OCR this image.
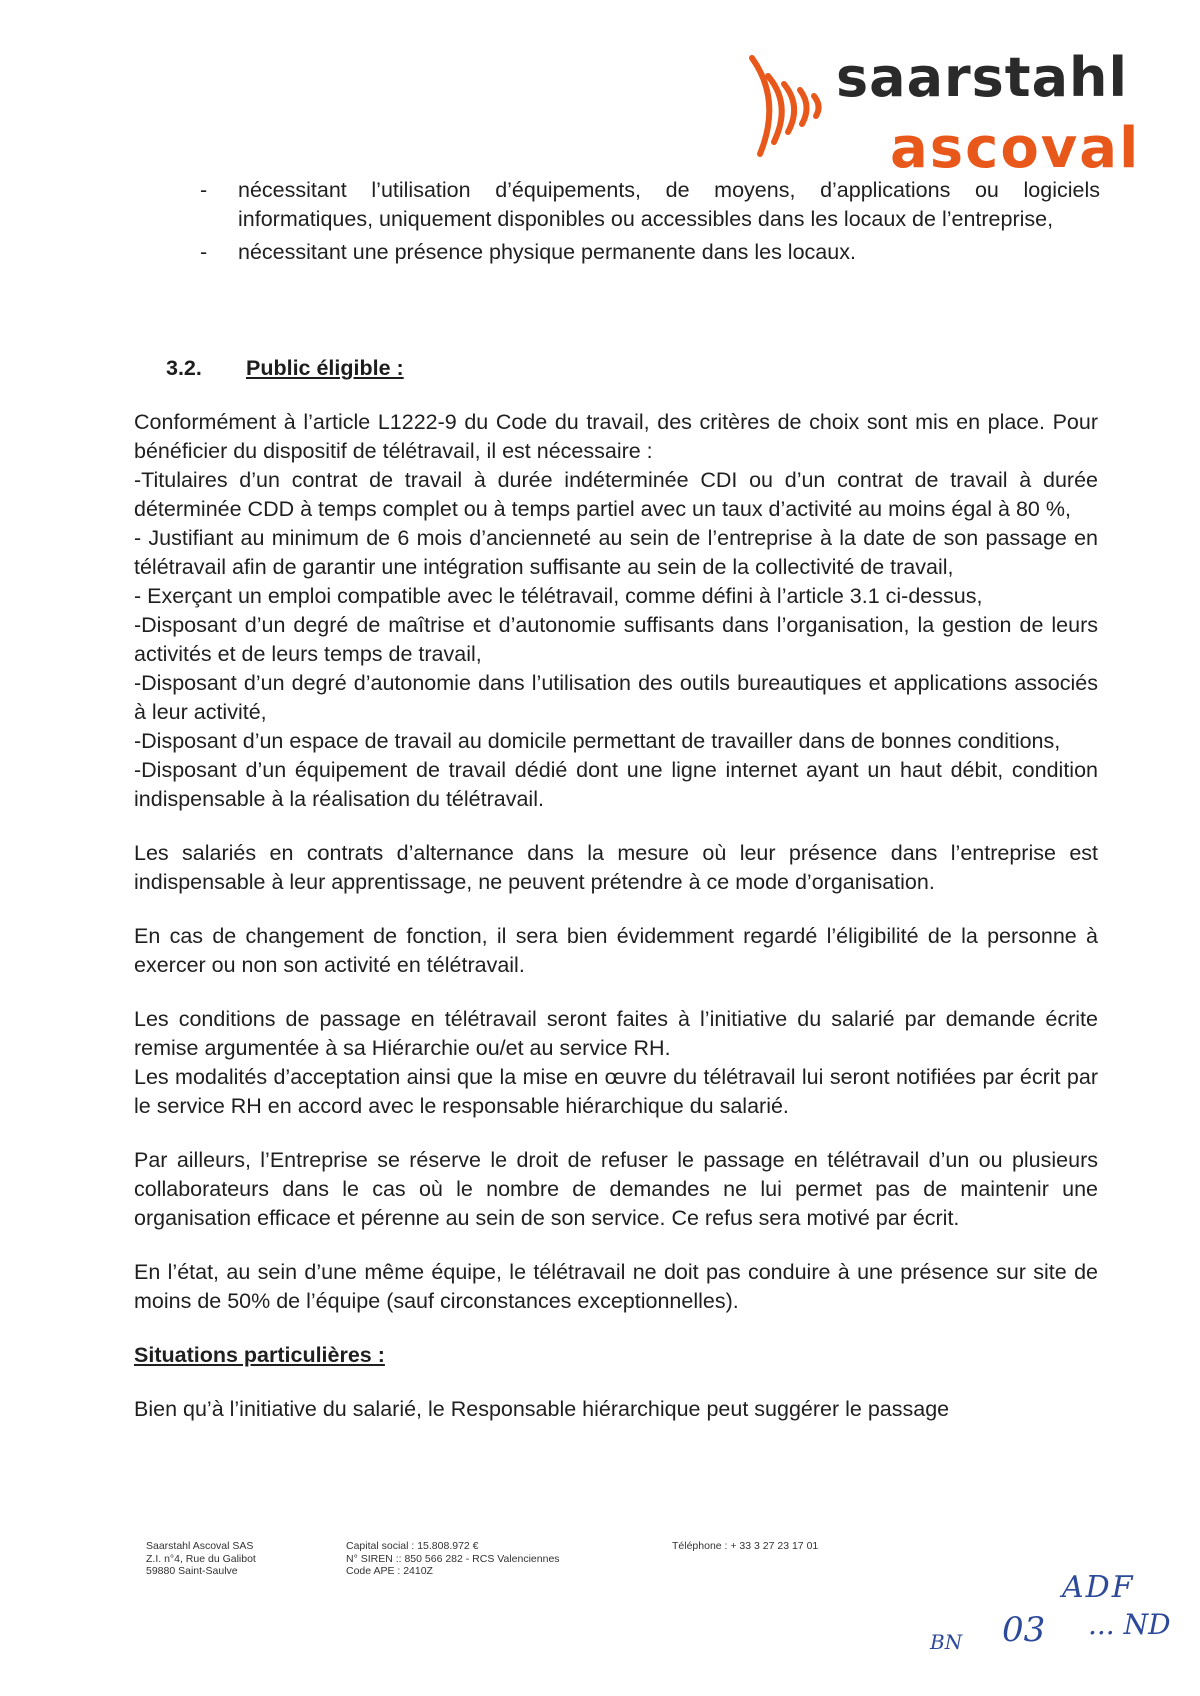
saarstahl
ascoval
- nécessitant l’utilisation d’équipements, de moyens, d’applications ou logiciels informatiques, uniquement disponibles ou accessibles dans les locaux de l’entreprise,
- nécessitant une présence physique permanente dans les locaux.
3.2. Public éligible :

Conformément à l’article L1222-9 du Code du travail, des critères de choix sont mis en place. Pour bénéficier du dispositif de télétravail, il est nécessaire :

-Titulaires d’un contrat de travail à durée indéterminée CDI ou d’un contrat de travail à durée déterminée CDD à temps complet ou à temps partiel avec un taux d’activité au moins égal à 80 %,
- Justifiant au minimum de 6 mois d’ancienneté au sein de l’entreprise à la date de son passage en télétravail afin de garantir une intégration suffisante au sein de la collectivité de travail,
- Exerçant un emploi compatible avec le télétravail, comme défini à l’article 3.1 ci-dessus,
-Disposant d’un degré de maîtrise et d’autonomie suffisants dans l’organisation, la gestion de leurs activités et de leurs temps de travail,
-Disposant d’un degré d’autonomie dans l’utilisation des outils bureautiques et applications associés à leur activité,
-Disposant d’un espace de travail au domicile permettant de travailler dans de bonnes conditions,
-Disposant d’un équipement de travail dédié dont une ligne internet ayant un haut débit, condition indispensable à la réalisation du télétravail.

Les salariés en contrats d’alternance dans la mesure où leur présence dans l’entreprise est indispensable à leur apprentissage, ne peuvent prétendre à ce mode d’organisation.

En cas de changement de fonction, il sera bien évidemment regardé l’éligibilité de la personne à exercer ou non son activité en télétravail.

Les conditions de passage en télétravail seront faites à l’initiative du salarié par demande écrite remise argumentée à sa Hiérarchie ou/et au service RH.

Les modalités d’acceptation ainsi que la mise en œuvre du télétravail lui seront notifiées par écrit par le service RH en accord avec le responsable hiérarchique du salarié.

Par ailleurs, l’Entreprise se réserve le droit de refuser le passage en télétravail d’un ou plusieurs collaborateurs dans le cas où le nombre de demandes ne lui permet pas de maintenir une organisation efficace et pérenne au sein de son service. Ce refus sera motivé par écrit.

En l’état, au sein d’une même équipe, le télétravail ne doit pas conduire à une présence sur site de moins de 50% de l’équipe (sauf circonstances exceptionnelles).

Situations particulières :

Bien qu’à l’initiative du salarié, le Responsable hiérarchique peut suggérer le passage

Saarstahl Ascoval SAS
Z.I. n°4, Rue du Galibot
59880 Saint-Saulve
Capital social : 15.808.972 €
N° SIREN :: 850 566 282 - RCS Valenciennes
Code APE : 2410Z
Téléphone : + 33 3 27 23 17 01
ADF
BN 03 ... ND
